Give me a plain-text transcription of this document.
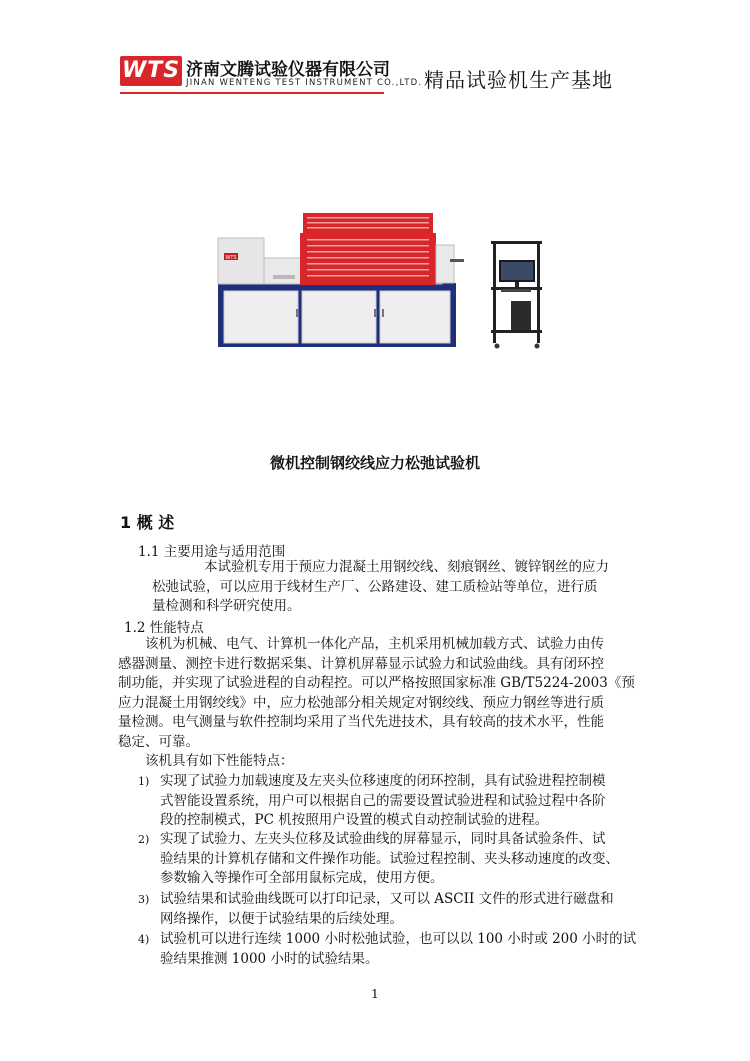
WTS 济南文腾试验仪器有限公司
JINAN WENTENG TEST INSTRUMENT CO.,LTD. 精品试验机生产基地
WTS
微机控制钢绞线应力松弛试验机
1 概 述
1.1 主要用途与适用范围
本试验机专用于预应力混凝土用钢绞线、刻痕钢丝、镀锌钢丝的应力
松弛试验，可以应用于线材生产厂、公路建设、建工质检站等单位，进行质
量检测和科学研究使用。
1.2 性能特点
该机为机械、电气、计算机一体化产品，主机采用机械加载方式、试验力由传
感器测量、测控卡进行数据采集、计算机屏幕显示试验力和试验曲线。具有闭环控
制功能，并实现了试验进程的自动程控。可以严格按照国家标准 GB/T5224-2003《预
应力混凝土用钢绞线》中，应力松弛部分相关规定对钢绞线、预应力钢丝等进行质
量检测。电气测量与软件控制均采用了当代先进技术，具有较高的技术水平，性能
稳定、可靠。
该机具有如下性能特点：
1) 实现了试验力加载速度及左夹头位移速度的闭环控制，具有试验进程控制模
式智能设置系统，用户可以根据自己的需要设置试验进程和试验过程中各阶
段的控制模式，PC 机按照用户设置的模式自动控制试验的进程。
2) 实现了试验力、左夹头位移及试验曲线的屏幕显示，同时具备试验条件、试
验结果的计算机存储和文件操作功能。试验过程控制、夹头移动速度的改变、
参数输入等操作可全部用鼠标完成，使用方便。
3) 试验结果和试验曲线既可以打印记录，又可以 ASCII 文件的形式进行磁盘和
网络操作，以便于试验结果的后续处理。
4) 试验机可以进行连续 1000 小时松弛试验，也可以以 100 小时或 200 小时的试
验结果推测 1000 小时的试验结果。
1
